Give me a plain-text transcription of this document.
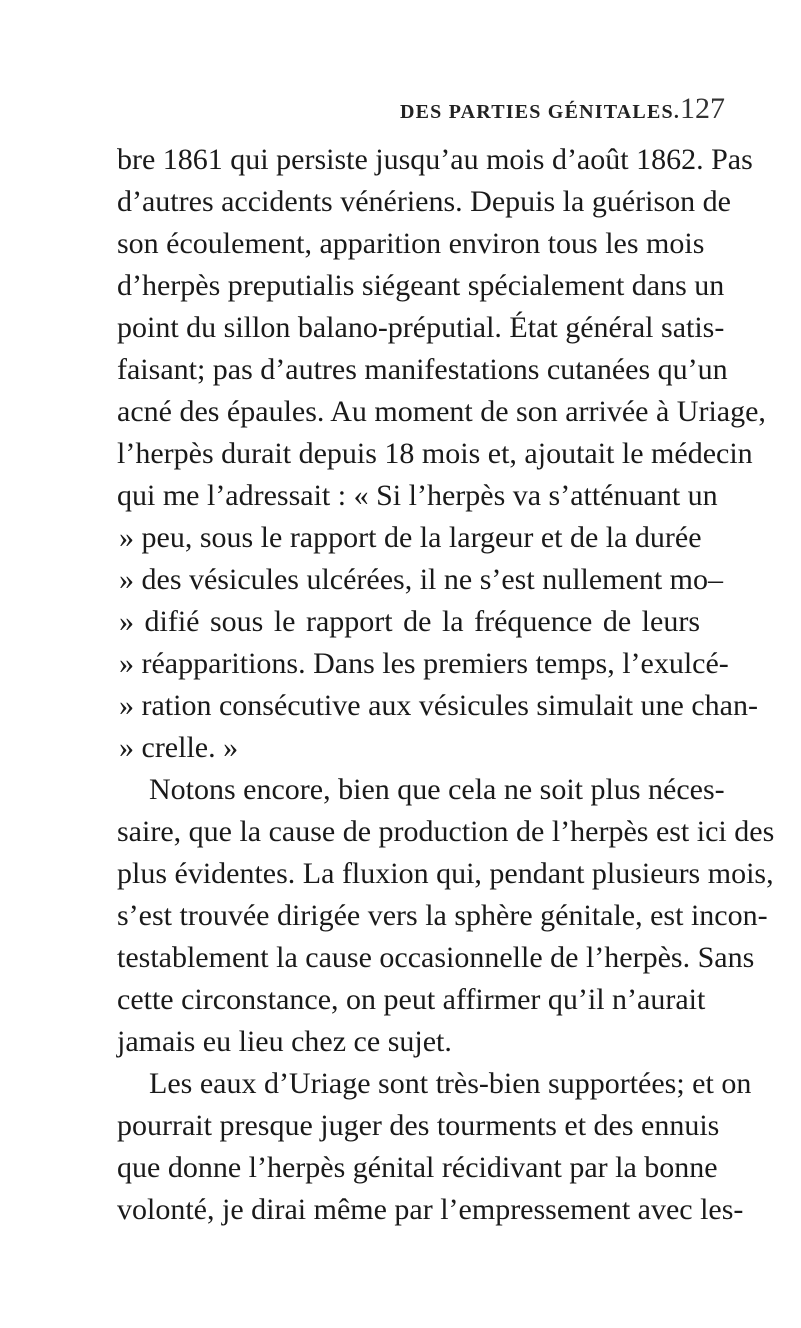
DES PARTIES GÉNITALES. 127
bre 1861 qui persiste jusqu’au mois d’août 1862. Pas
d’autres accidents vénériens. Depuis la guérison de
son écoulement, apparition environ tous les mois
d’herpès preputialis siégeant spécialement dans un
point du sillon balano-préputial. État général satis-
faisant; pas d’autres manifestations cutanées qu’un
acné des épaules. Au moment de son arrivée à Uriage,
l’herpès durait depuis 18 mois et, ajoutait le médecin
qui me l’adressait : « Si l’herpès va s’atténuant un
» peu, sous le rapport de la largeur et de la durée
» des vésicules ulcérées, il ne s’est nullement mo–
» difié sous le rapport de la fréquence de leurs
» réapparitions. Dans les premiers temps, l’exulcé-
» ration consécutive aux vésicules simulait une chan-
» crelle. »
Notons encore, bien que cela ne soit plus néces-
saire, que la cause de production de l’herpès est ici des
plus évidentes. La fluxion qui, pendant plusieurs mois,
s’est trouvée dirigée vers la sphère génitale, est incon-
testablement la cause occasionnelle de l’herpès. Sans
cette circonstance, on peut affirmer qu’il n’aurait
jamais eu lieu chez ce sujet.
Les eaux d’Uriage sont très-bien supportées; et on
pourrait presque juger des tourments et des ennuis
que donne l’herpès génital récidivant par la bonne
volonté, je dirai même par l’empressement avec les-
